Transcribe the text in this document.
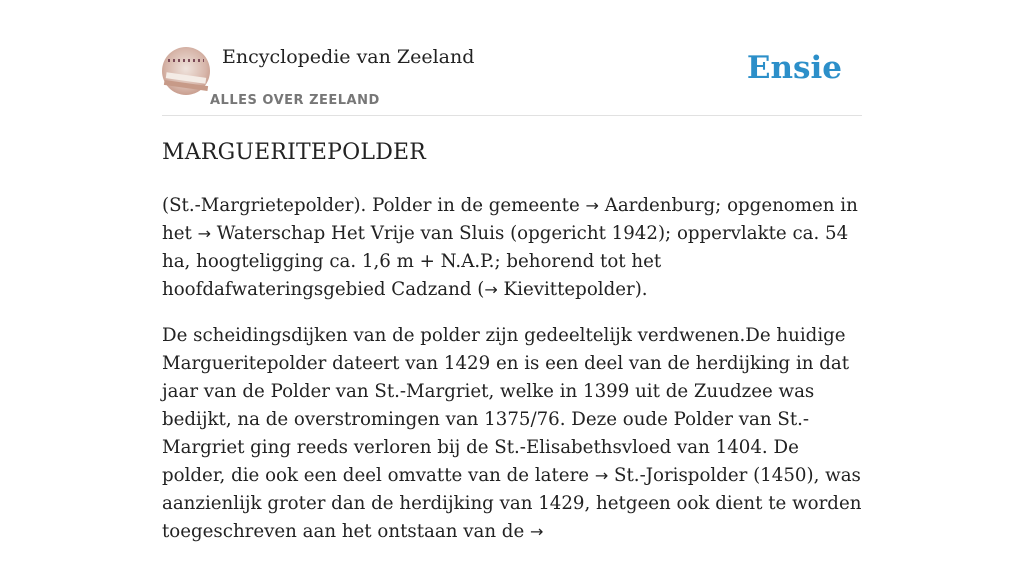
Encyclopedie van Zeeland
ALLES OVER ZEELAND
Ensie
MARGUERITEPOLDER

(St.-Margrietepolder). Polder in de gemeente → Aardenburg; opgenomen in het → Waterschap Het Vrije van Sluis (opgericht 1942); oppervlakte ca. 54 ha, hoogteligging ca. 1,6 m + N.A.P.; behorend tot het hoofdafwateringsgebied Cadzand (→ Kievittepolder).

De scheidingsdijken van de polder zijn gedeeltelijk verdwenen.De huidige Margueritepolder dateert van 1429 en is een deel van de herdijking in dat jaar van de Polder van St.-Margriet, welke in 1399 uit de Zuudzee was bedijkt, na de overstromingen van 1375/76. Deze oude Polder van St.-Margriet ging reeds verloren bij de St.-Elisabethsvloed van 1404. De polder, die ook een deel omvatte van de latere → St.-Jorispolder (1450), was aanzienlijk groter dan de herdijking van 1429, hetgeen ook dient te worden toegeschreven aan het ontstaan van de →
